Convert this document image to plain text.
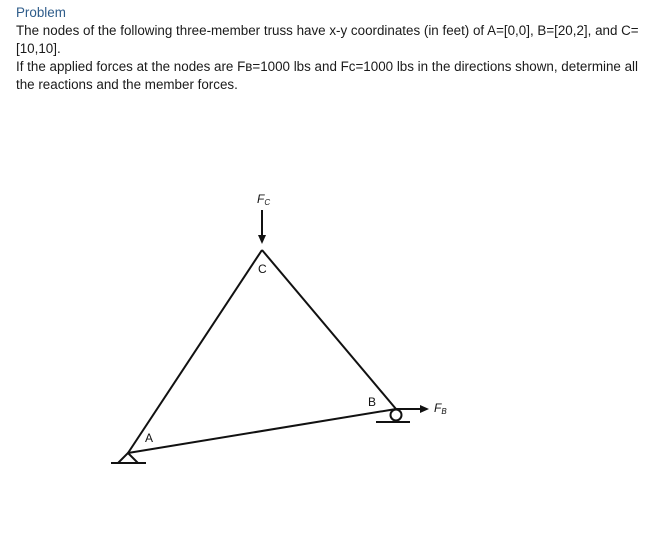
Problem

The nodes of the following three-member truss have x-y coordinates (in feet) of A=[0,0], B=[20,2], and C=[10,10].

If the applied forces at the nodes are Fʙ=1000 lbs and Fᴄ=1000 lbs in the directions shown, determine all the reactions and the member forces.

FC
FB
A
B
C
